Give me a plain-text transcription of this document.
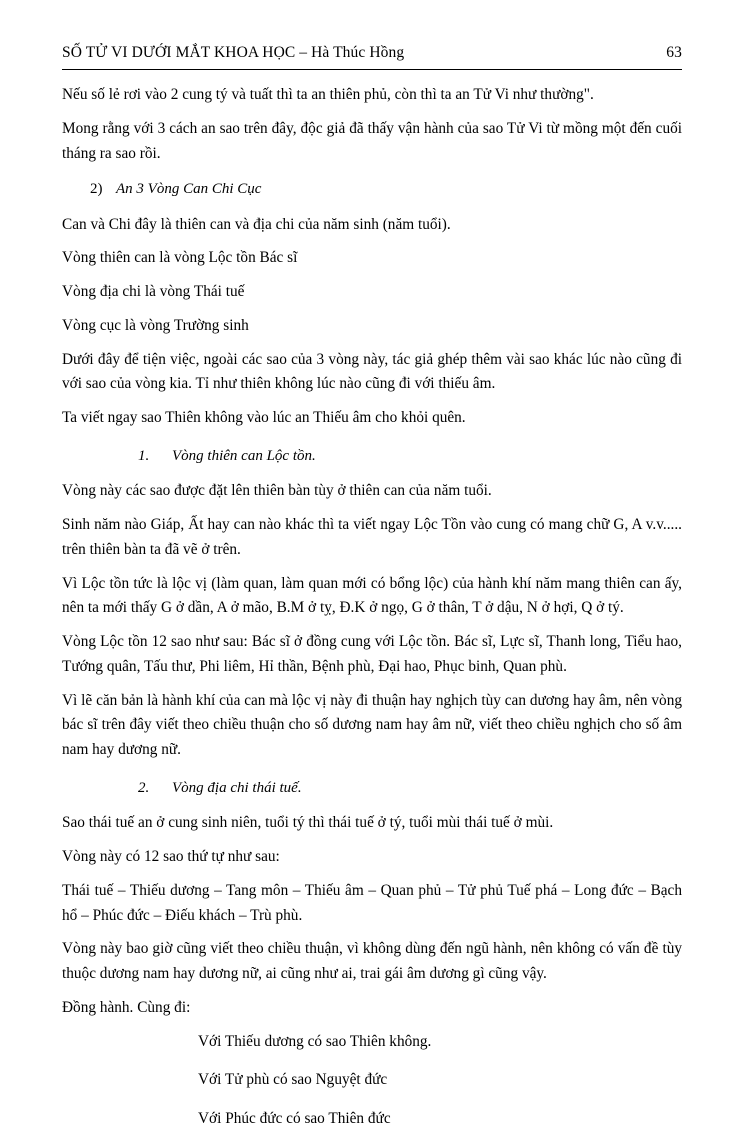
SỐ TỬ VI DƯỚI MẮT KHOA HỌC – Hà Thúc Hồng	63

Nếu số lẻ rơi vào 2 cung tý và tuất thì ta an thiên phủ, còn thì ta an Tử Vi như thường".

Mong rằng với 3 cách an sao trên đây, độc giả đã thấy vận hành của sao Tử Vi từ mồng một đến cuối tháng ra sao rồi.

2) An 3 Vòng Can Chi Cục

Can và Chi đây là thiên can và địa chi của năm sinh (năm tuổi).

Vòng thiên can là vòng Lộc tồn Bác sĩ

Vòng địa chi là vòng Thái tuế

Vòng cục là vòng Trường sinh

Dưới đây để tiện việc, ngoài các sao của 3 vòng này, tác giả ghép thêm vài sao khác lúc nào cũng đi với sao của vòng kia. Tỉ như thiên không lúc nào cũng đi với thiếu âm.

Ta viết ngay sao Thiên không vào lúc an Thiếu âm cho khỏi quên.

1. Vòng thiên can Lộc tồn.

Vòng này các sao được đặt lên thiên bàn tùy ở thiên can của năm tuổi.

Sinh năm nào Giáp, Ất hay can nào khác thì ta viết ngay Lộc Tồn vào cung có mang chữ G, A v.v..... trên thiên bàn ta đã vẽ ở trên.

Vì Lộc tồn tức là lộc vị (làm quan, làm quan mới có bổng lộc) của hành khí năm mang thiên can ấy, nên ta mới thấy G ở dần, A ở mão, B.M ở tỵ, Đ.K ở ngọ, G ở thân, T ở dậu, N ở hợi, Q ở tý.

Vòng Lộc tồn 12 sao như sau: Bác sĩ ở đồng cung với Lộc tồn. Bác sĩ, Lực sĩ, Thanh long, Tiểu hao, Tướng quân, Tấu thư, Phi liêm, Hỉ thần, Bệnh phù, Đại hao, Phục binh, Quan phù.

Vì lẽ căn bản là hành khí của can mà lộc vị này đi thuận hay nghịch tùy can dương hay âm, nên vòng bác sĩ trên đây viết theo chiều thuận cho số dương nam hay âm nữ, viết theo chiều nghịch cho số âm nam hay dương nữ.

2. Vòng địa chi thái tuế.

Sao thái tuế an ở cung sinh niên, tuổi tý thì thái tuế ở tý, tuổi mùi thái tuế ở mùi.

Vòng này có 12 sao thứ tự như sau:

Thái tuế – Thiếu dương – Tang môn – Thiếu âm – Quan phủ – Tử phủ Tuế phá – Long đức – Bạch hổ – Phúc đức – Điếu khách – Trù phù.

Vòng này bao giờ cũng viết theo chiều thuận, vì không dùng đến ngũ hành, nên không có vấn đề tùy thuộc dương nam hay dương nữ, ai cũng như ai, trai gái âm dương gì cũng vậy.

Đồng hành. Cùng đi:

Với Thiếu dương có sao Thiên không.

Với Tử phù có sao Nguyệt đức

Với Phúc đức có sao Thiên đức
